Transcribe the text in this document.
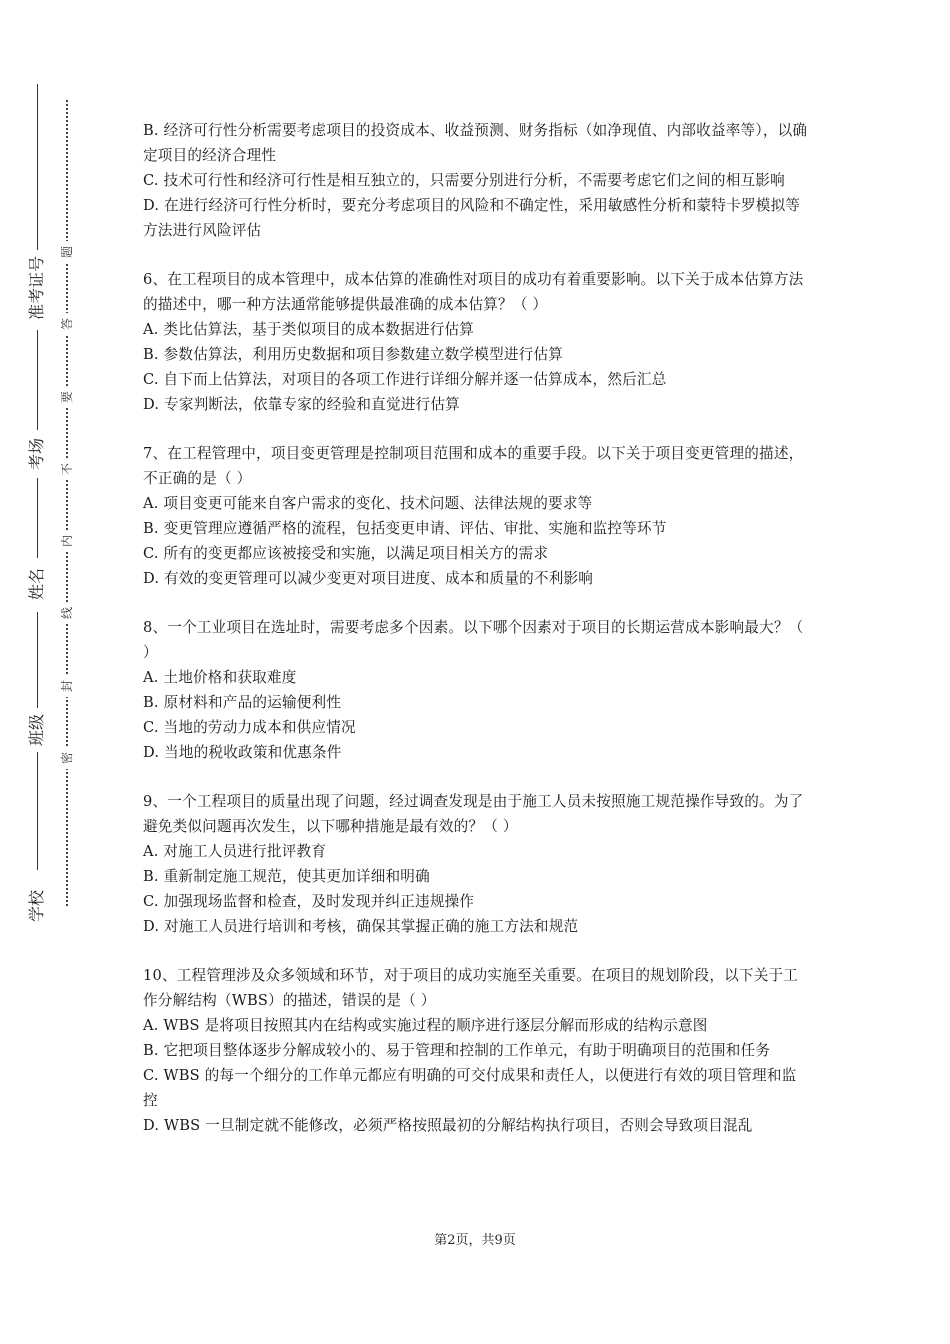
准考证号
考场
姓名
班级
学校
题
答
要
不
内
线
封
密

B. 经济可行性分析需要考虑项目的投资成本、收益预测、财务指标（如净现值、内部收益率等），以确定项目的经济合理性

C. 技术可行性和经济可行性是相互独立的，只需要分别进行分析，不需要考虑它们之间的相互影响

D. 在进行经济可行性分析时，要充分考虑项目的风险和不确定性，采用敏感性分析和蒙特卡罗模拟等方法进行风险评估

6、在工程项目的成本管理中，成本估算的准确性对项目的成功有着重要影响。以下关于成本估算方法的描述中，哪一种方法通常能够提供最准确的成本估算？（ ）

A. 类比估算法，基于类似项目的成本数据进行估算

B. 参数估算法，利用历史数据和项目参数建立数学模型进行估算

C. 自下而上估算法，对项目的各项工作进行详细分解并逐一估算成本，然后汇总

D. 专家判断法，依靠专家的经验和直觉进行估算

7、在工程管理中，项目变更管理是控制项目范围和成本的重要手段。以下关于项目变更管理的描述，不正确的是（ ）

A. 项目变更可能来自客户需求的变化、技术问题、法律法规的要求等

B. 变更管理应遵循严格的流程，包括变更申请、评估、审批、实施和监控等环节

C. 所有的变更都应该被接受和实施，以满足项目相关方的需求

D. 有效的变更管理可以减少变更对项目进度、成本和质量的不利影响

8、一个工业项目在选址时，需要考虑多个因素。以下哪个因素对于项目的长期运营成本影响最大？（ ）

A. 土地价格和获取难度

B. 原材料和产品的运输便利性

C. 当地的劳动力成本和供应情况

D. 当地的税收政策和优惠条件

9、一个工程项目的质量出现了问题，经过调查发现是由于施工人员未按照施工规范操作导致的。为了避免类似问题再次发生，以下哪种措施是最有效的？（ ）

A. 对施工人员进行批评教育

B. 重新制定施工规范，使其更加详细和明确

C. 加强现场监督和检查，及时发现并纠正违规操作

D. 对施工人员进行培训和考核，确保其掌握正确的施工方法和规范

10、工程管理涉及众多领域和环节，对于项目的成功实施至关重要。在项目的规划阶段，以下关于工作分解结构（WBS）的描述，错误的是（ ）

A. WBS 是将项目按照其内在结构或实施过程的顺序进行逐层分解而形成的结构示意图

B. 它把项目整体逐步分解成较小的、易于管理和控制的工作单元，有助于明确项目的范围和任务

C. WBS 的每一个细分的工作单元都应有明确的可交付成果和责任人，以便进行有效的项目管理和监控

D. WBS 一旦制定就不能修改，必须严格按照最初的分解结构执行项目，否则会导致项目混乱

第2页，共9页
